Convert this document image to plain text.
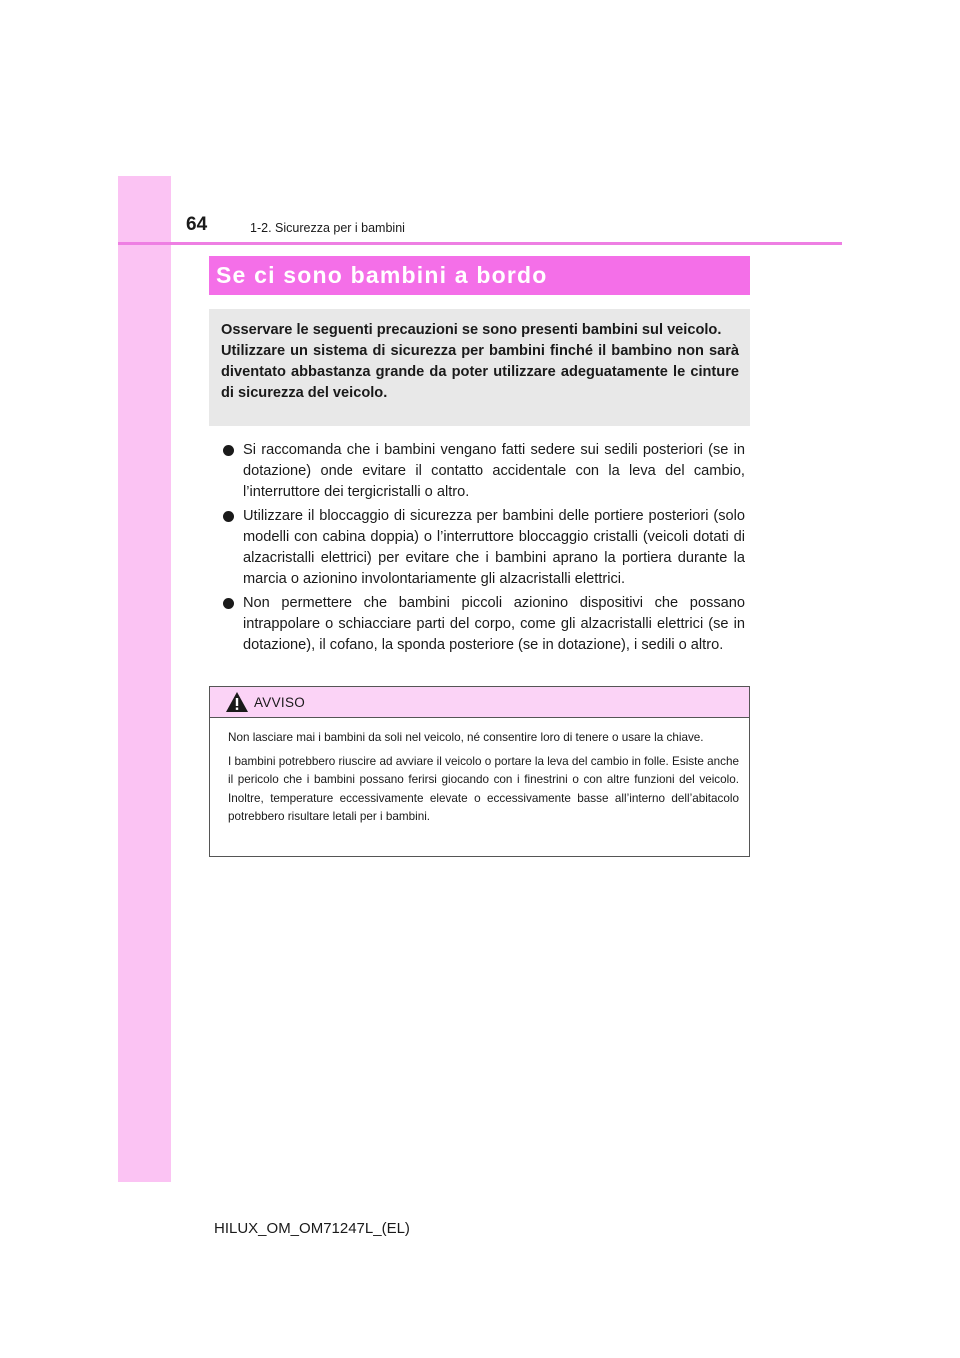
64	1-2. Sicurezza per i bambini
Se ci sono bambini a bordo

Osservare le seguenti precauzioni se sono presenti bambini sul veicolo.

Utilizzare un sistema di sicurezza per bambini finché il bambino non sarà diventato abbastanza grande da poter utilizzare adeguatamente le cinture di sicurezza del veicolo.

Si raccomanda che i bambini vengano fatti sedere sui sedili posteriori (se in dotazione) onde evitare il contatto accidentale con la leva del cambio, l’interruttore dei tergicristalli o altro.
Utilizzare il bloccaggio di sicurezza per bambini delle portiere posteriori (solo modelli con cabina doppia) o l’interruttore bloccaggio cristalli (veicoli dotati di alzacristalli elettrici) per evitare che i bambini aprano la portiera durante la marcia o azionino involontariamente gli alzacristalli elettrici.
Non permettere che bambini piccoli azionino dispositivi che possano intrappolare o schiacciare parti del corpo, come gli alzacristalli elettrici (se in dotazione), il cofano, la sponda posteriore (se in dotazione), i sedili o altro.
AVVISO

Non lasciare mai i bambini da soli nel veicolo, né consentire loro di tenere o usare la chiave.

I bambini potrebbero riuscire ad avviare il veicolo o portare la leva del cambio in folle. Esiste anche il pericolo che i bambini possano ferirsi giocando con i finestrini o con altre funzioni del veicolo. Inoltre, temperature eccessivamente elevate o eccessivamente basse all’interno dell’abitacolo potrebbero risultare letali per i bambini.

HILUX_OM_OM71247L_(EL)
